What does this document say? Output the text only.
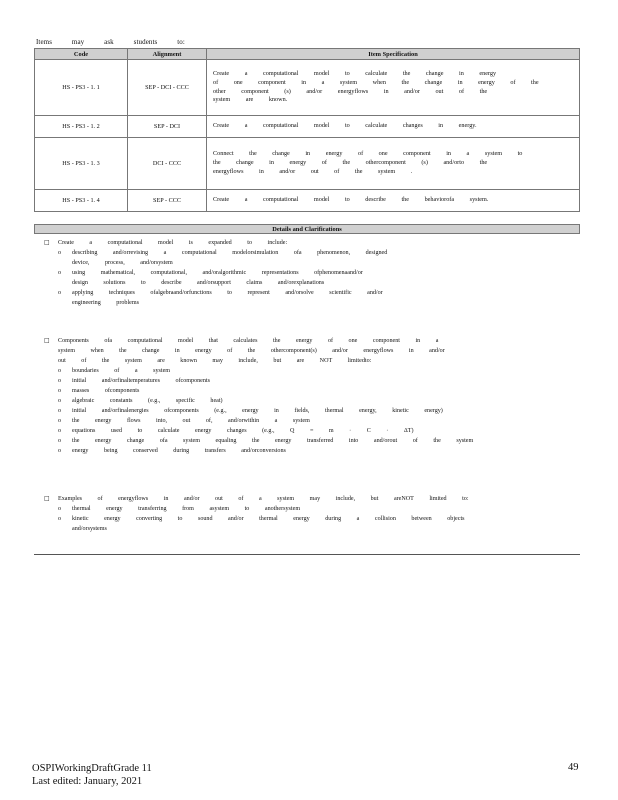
Items	may	ask	students	to:
Code	Alignment	Item Specification
HS - PS3 - 1. 1	SEP - DCI - CCC	Create a computational model to calculate the change in energy
of one component in a system when the change in energy of the
other component (s) and/or energyflows in and/or out of the
system are known.

HS - PS3 - 1. 2	SEP - DCI	Create a computational model to calculate changes in energy.

HS - PS3 - 1. 3	DCI - CCC	Connect the change in energy of one component in a system to
the change in energy of the othercomponent (s) and/orto the
energyflows in and/or out of the system .

HS - PS3 - 1. 4	SEP - CCC	Create a computational model to describe the behaviorofa system.
Details and Clarifications
□	Create a computational model is expanded to include:
o	describing and/orrevising a computational modelorsimulation ofa phenomenon, designed
device, process, and/orsystem
o	using mathematical, computational, and/oralgorithmic representations ofphenomenaand/or
design solutions to describe and/orsupport claims and/orexplanations
o	applying techniques ofalgebraand/orfunctions to represent and/orsolve scientific and/or
engineering problems
□	Components ofa computational model that calculates the energy of one component in a
system when the change in energy of the othercomponent(s) and/or energyflows in and/or
out of the system are known may include, but are NOT limitedto:
o	boundaries of a system
o	initial and/orfinaltemperatures ofcomponents
o	masses ofcomponents
o	algebraic constants (e.g., specific heat)
o	initial and/orfinalenergies ofcomponents (e.g., energy in fields, thermal energy, kinetic energy)
o	the energy flows into, out of, and/orwithin a system
o	equations used to calculate energy changes (e.g., Q = m · C · ΔT)
o	the energy change ofa system equaling the energy transferred into and/orout of the system
o	energy being conserved during transfers and/orconversions
□	Examples of energyflows in and/or out of a system may include, but areNOT limited to:
o	thermal energy transferring from asystem to anothersystem
o	kinetic energy converting to sound and/or thermal energy during a collision between objects
and/orsystems
OSPIWorkingDraftGrade 11
Last edited: January, 2021
49
